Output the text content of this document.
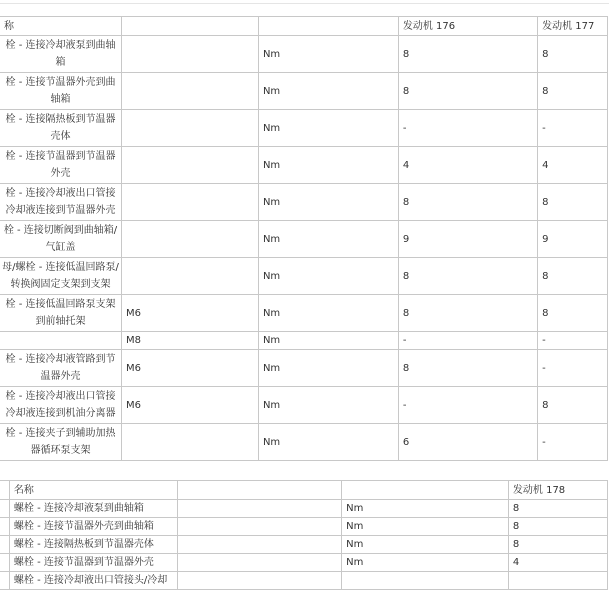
称			发动机 176	发动机 177

栓 - 连接冷却液泵到曲轴
箱		Nm	8	8

栓 - 连接节温器外壳到曲
轴箱		Nm	8	8

栓 - 连接隔热板到节温器
壳体		Nm	-	-

栓 - 连接节温器到节温器
外壳		Nm	4	4

栓 - 连接冷却液出口管接
冷却液连接到节温器外壳		Nm	8	8

栓 - 连接切断阀到曲轴箱/
气缸盖		Nm	9	9

母/螺栓 - 连接低温回路泵/
转换阀固定支架到支架		Nm	8	8

栓 - 连接低温回路泵支架
到前轴托架	M6	Nm	8	8

	M8	Nm	-	-

栓 - 连接冷却液管路到节
温器外壳	M6	Nm	8	-

栓 - 连接冷却液出口管接
冷却液连接到机油分离器	M6	Nm	-	8

栓 - 连接夹子到辅助加热
器循环泵支架		Nm	6	-
	名称			发动机 178
	螺栓 - 连接冷却液泵到曲轴箱		Nm	8
	螺栓 - 连接节温器外壳到曲轴箱		Nm	8
	螺栓 - 连接隔热板到节温器壳体		Nm	8
	螺栓 - 连接节温器到节温器外壳		Nm	4
	螺栓 - 连接冷却液出口管接头/冷却			
